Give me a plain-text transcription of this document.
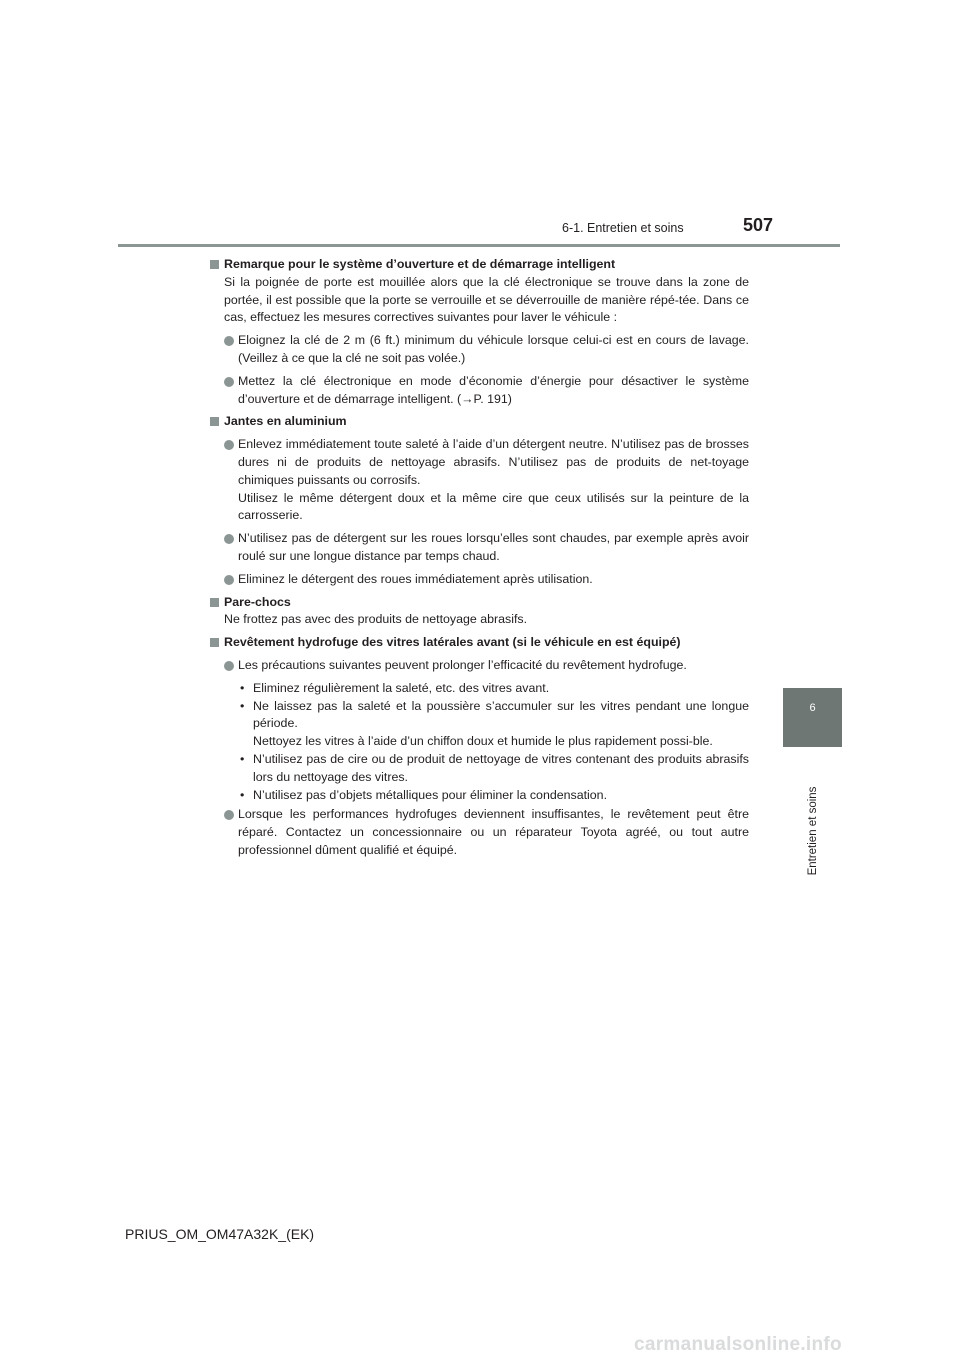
6-1. Entretien et soins	507
6
Entretien et soins
Remarque pour le système d’ouverture et de démarrage intelligent
Si la poignée de porte est mouillée alors que la clé électronique se trouve dans la zone de portée, il est possible que la porte se verrouille et se déverrouille de manière répé-tée. Dans ce cas, effectuez les mesures correctives suivantes pour laver le véhicule :
Eloignez la clé de 2 m (6 ft.) minimum du véhicule lorsque celui-ci est en cours de lavage. (Veillez à ce que la clé ne soit pas volée.)
Mettez la clé électronique en mode d’économie d’énergie pour désactiver le système d’ouverture et de démarrage intelligent. (→P. 191)
Jantes en aluminium
Enlevez immédiatement toute saleté à l’aide d’un détergent neutre. N’utilisez pas de brosses dures ni de produits de nettoyage abrasifs. N’utilisez pas de produits de net-toyage chimiques puissants ou corrosifs.
Utilisez le même détergent doux et la même cire que ceux utilisés sur la peinture de la carrosserie.
N’utilisez pas de détergent sur les roues lorsqu’elles sont chaudes, par exemple après avoir roulé sur une longue distance par temps chaud.
Eliminez le détergent des roues immédiatement après utilisation.
Pare-chocs
Ne frottez pas avec des produits de nettoyage abrasifs.
Revêtement hydrofuge des vitres latérales avant (si le véhicule en est équipé)
Les précautions suivantes peuvent prolonger l’efficacité du revêtement hydrofuge.
• Eliminez régulièrement la saleté, etc. des vitres avant.
• Ne laissez pas la saleté et la poussière s’accumuler sur les vitres pendant une longue période.
Nettoyez les vitres à l’aide d’un chiffon doux et humide le plus rapidement possi-ble.
• N’utilisez pas de cire ou de produit de nettoyage de vitres contenant des produits abrasifs lors du nettoyage des vitres.
• N’utilisez pas d’objets métalliques pour éliminer la condensation.
Lorsque les performances hydrofuges deviennent insuffisantes, le revêtement peut être réparé. Contactez un concessionnaire ou un réparateur Toyota agréé, ou tout autre professionnel dûment qualifié et équipé.
PRIUS_OM_OM47A32K_(EK)
carmanualsonline.info
